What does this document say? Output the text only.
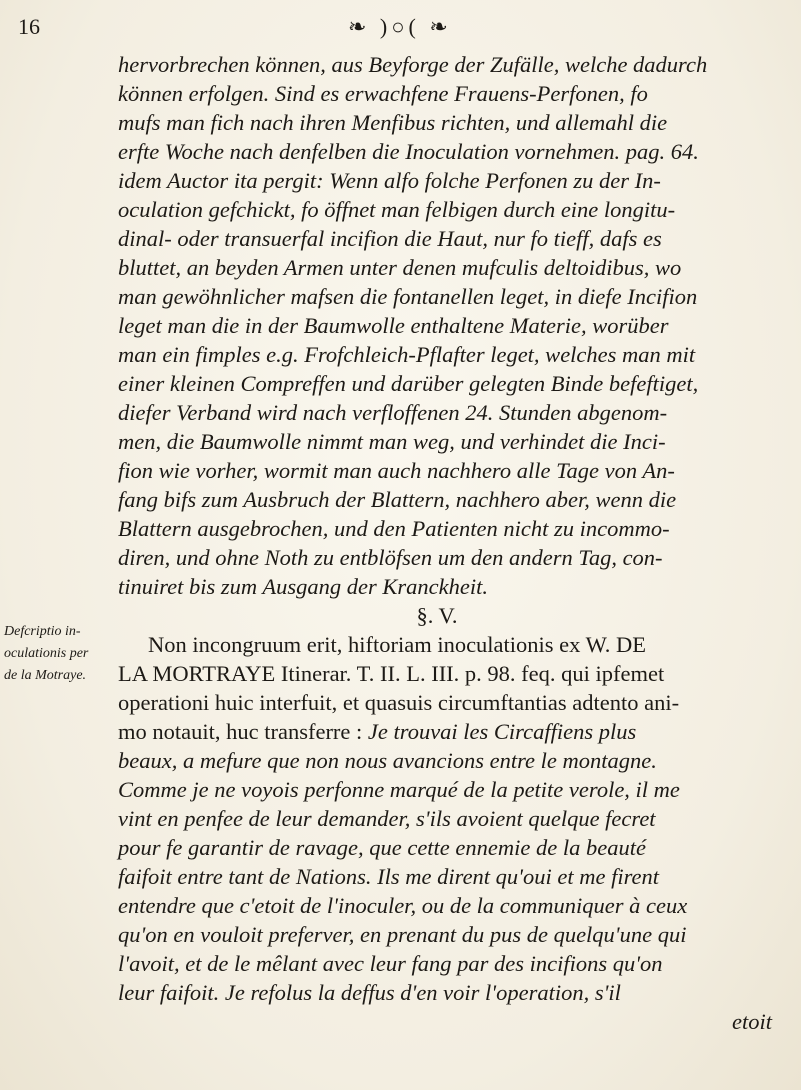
16	❧ )○( ❧
Defcriptio in-
oculationis per
de la Motraye.
hervorbrechen können, aus Beyforge der Zufälle, welche dadurch
können erfolgen. Sind es erwachfene Frauens-Perfonen, fo
mufs man fich nach ihren Menfibus richten, und allemahl die
erfte Woche nach denfelben die Inoculation vornehmen. pag. 64.
idem Auctor ita pergit: Wenn alfo folche Perfonen zu der In-
oculation gefchickt, fo öffnet man felbigen durch eine longitu-
dinal- oder transuerfal incifion die Haut, nur fo tieff, dafs es
bluttet, an beyden Armen unter denen mufculis deltoidibus, wo
man gewöhnlicher mafsen die fontanellen leget, in diefe Incifion
leget man die in der Baumwolle enthaltene Materie, worüber
man ein fimples e.g. Frofchleich-Pflafter leget, welches man mit
einer kleinen Compreffen und darüber gelegten Binde befeftiget,
diefer Verband wird nach verfloffenen 24. Stunden abgenom-
men, die Baumwolle nimmt man weg, und verhindet die Inci-
fion wie vorher, wormit man auch nachhero alle Tage von An-
fang bifs zum Ausbruch der Blattern, nachhero aber, wenn die
Blattern ausgebrochen, und den Patienten nicht zu incommo-
diren, und ohne Noth zu entblöfsen um den andern Tag, con-
tinuiret bis zum Ausgang der Kranckheit.
§. V.
Non incongruum erit, hiftoriam inoculationis ex W. DE
LA MORTRAYE Itinerar. T. II. L. III. p. 98. feq. qui ipfemet
operationi huic interfuit, et quasuis circumftantias adtento ani-
mo notauit, huc transferre : Je trouvai les Circaffiens plus
beaux, a mefure que non nous avancions entre le montagne.
Comme je ne voyois perfonne marqué de la petite verole, il me
vint en penfee de leur demander, s'ils avoient quelque fecret
pour fe garantir de ravage, que cette ennemie de la beauté
faifoit entre tant de Nations. Ils me dirent qu'oui et me firent
entendre que c'etoit de l'inoculer, ou de la communiquer à ceux
qu'on en vouloit preferver, en prenant du pus de quelqu'une qui
l'avoit, et de le mêlant avec leur fang par des incifions qu'on
leur faifoit. Je refolus la deffus d'en voir l'operation, s'il
etoit
